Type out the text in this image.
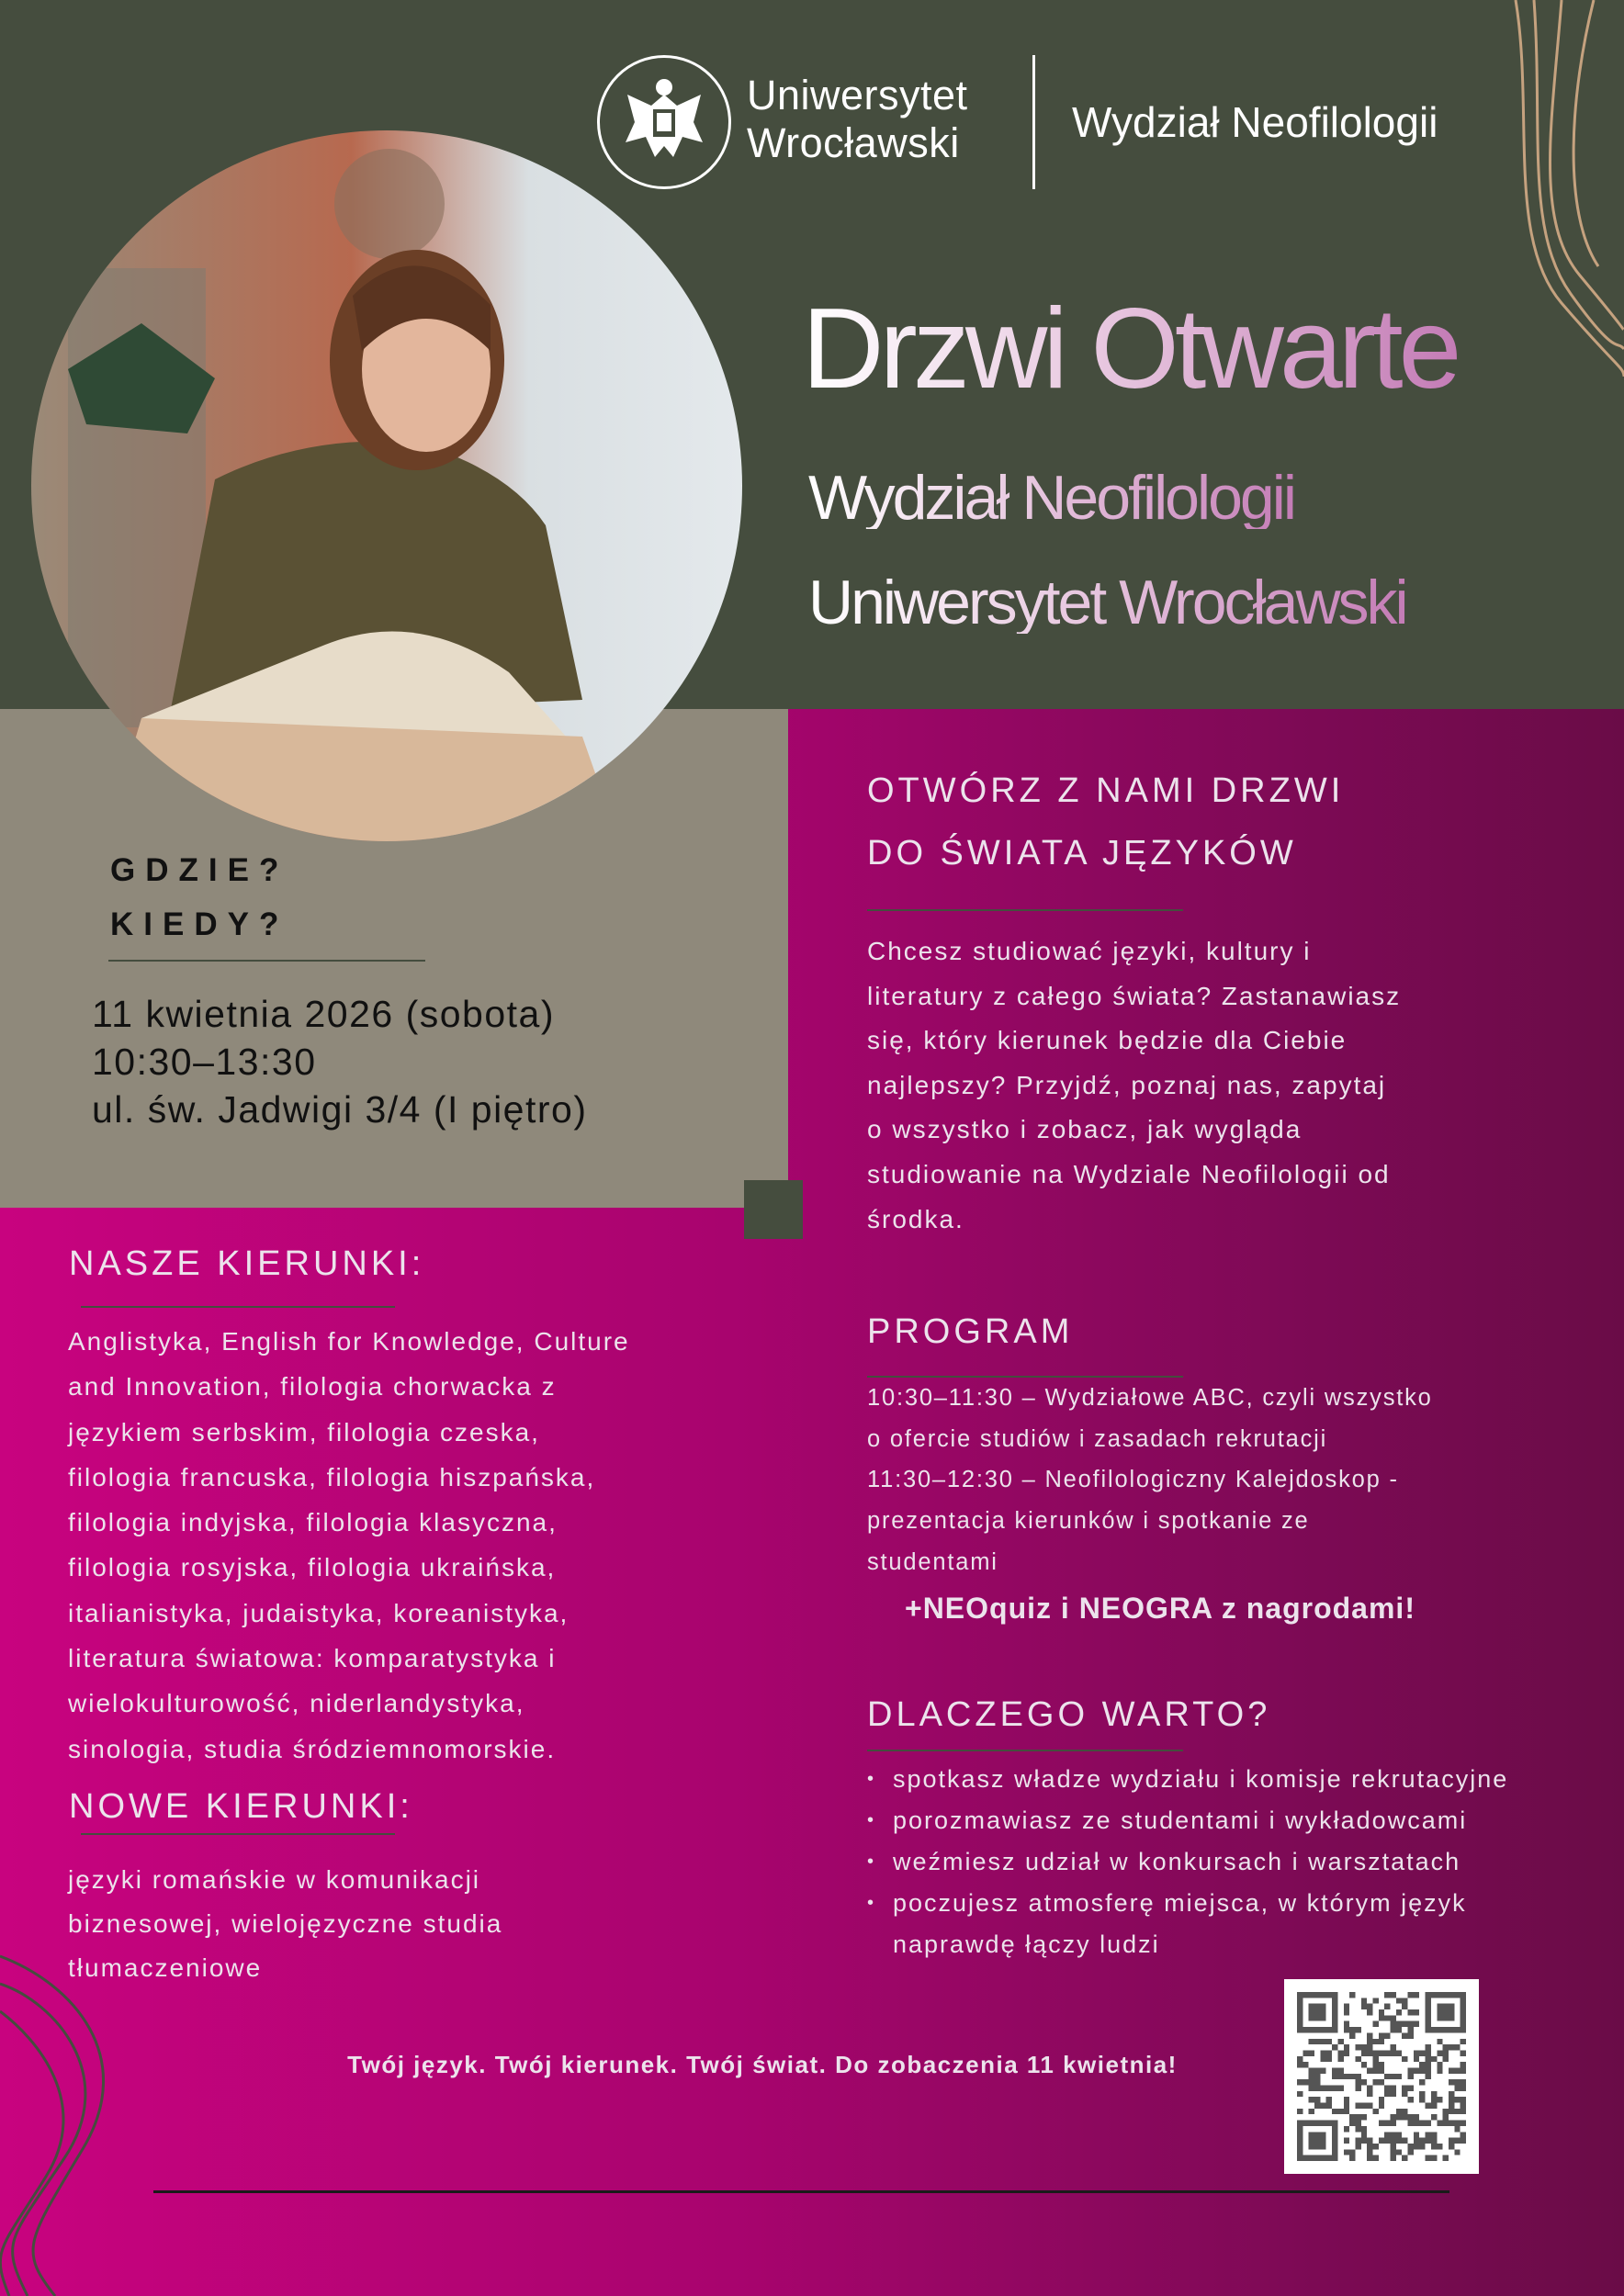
Uniwersytet
Wrocławski	Wydział Neofilologii
Drzwi Otwarte
Wydział Neofilologii
Uniwersytet Wrocławski
GDZIE?
KIEDY?
11 kwietnia 2026 (sobota)
10:30–13:30
ul. św. Jadwigi 3/4 (I piętro)
OTWÓRZ Z NAMI DRZWI
DO ŚWIATA JĘZYKÓW
Chcesz studiować języki, kultury i
literatury z całego świata? Zastanawiasz
się, który kierunek będzie dla Ciebie
najlepszy? Przyjdź, poznaj nas, zapytaj
o wszystko i zobacz, jak wygląda
studiowanie na Wydziale Neofilologii od
środka.
PROGRAM
10:30–11:30 – Wydziałowe ABC, czyli wszystko
o ofercie studiów i zasadach rekrutacji
11:30–12:30 – Neofilologiczny Kalejdoskop -
prezentacja kierunków i spotkanie ze
studentami
+NEOquiz i NEOGRA z nagrodami!
DLACZEGO WARTO?
• spotkasz władze wydziału i komisje rekrutacyjne
• porozmawiasz ze studentami i wykładowcami
• weźmiesz udział w konkursach i warsztatach
• poczujesz atmosferę miejsca, w którym język
naprawdę łączy ludzi
NASZE KIERUNKI:
Anglistyka, English for Knowledge, Culture
and Innovation, filologia chorwacka z
językiem serbskim, filologia czeska,
filologia francuska, filologia hiszpańska,
filologia indyjska, filologia klasyczna,
filologia rosyjska, filologia ukraińska,
italianistyka, judaistyka, koreanistyka,
literatura światowa: komparatystyka i
wielokulturowość, niderlandystyka,
sinologia, studia śródziemnomorskie.
NOWE KIERUNKI:
języki romańskie w komunikacji
biznesowej, wielojęzyczne studia
tłumaczeniowe
Twój język. Twój kierunek. Twój świat. Do zobaczenia 11 kwietnia!
